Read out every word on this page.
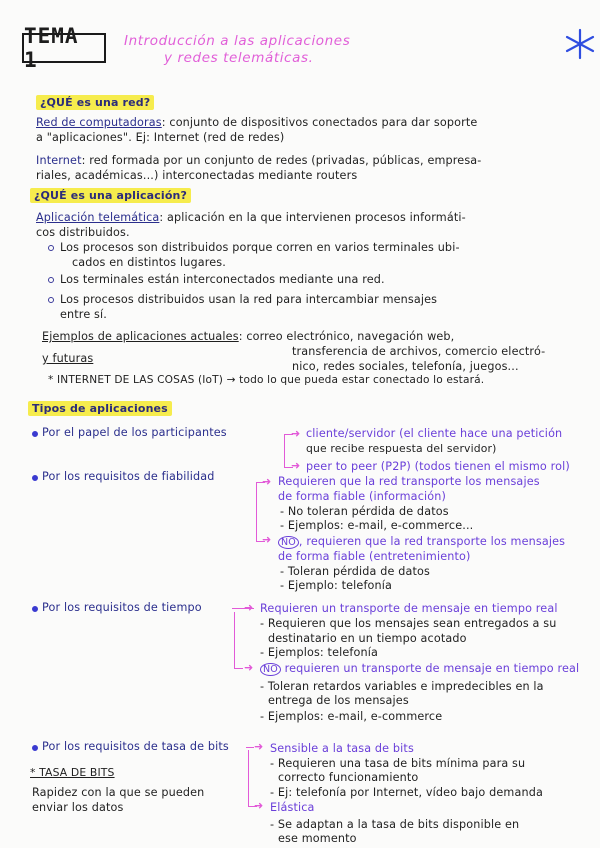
TEMA 1
Introducción a las aplicaciones
y redes telemáticas.
¿QUÉ es una red?
Red de computadoras: conjunto de dispositivos conectados para dar soporte
a "aplicaciones". Ej: Internet (red de redes)
Internet: red formada por un conjunto de redes (privadas, públicas, empresa-
riales, académicas...) interconectadas mediante routers
¿QUÉ es una aplicación?
Aplicación telemática: aplicación en la que intervienen procesos informáti-
cos distribuidos.
Los procesos son distribuidos porque corren en varios terminales ubi-
cados en distintos lugares.
Los terminales están interconectados mediante una red.
Los procesos distribuidos usan la red para intercambiar mensajes
entre sí.
Ejemplos de aplicaciones actuales: correo electrónico, navegación web,
transferencia de archivos, comercio electró-
y futuras
nico, redes sociales, telefonía, juegos...
* INTERNET DE LAS COSAS (IoT) → todo lo que pueda estar conectado lo estará.
Tipos de aplicaciones
Por el papel de los participantes	➜
➜
cliente/servidor (el cliente hace una petición
que recibe respuesta del servidor)
peer to peer (P2P) (todos tienen el mismo rol)
Por los requisitos de fiabilidad	➜
➜
Requieren que la red transporte los mensajes
de forma fiable (información)
- No toleran pérdida de datos
- Ejemplos: e-mail, e-commerce...
NO , requieren que la red transporte los mensajes
de forma fiable (entretenimiento)
- Toleran pérdida de datos
- Ejemplo: telefonía
Por los requisitos de tiempo	➜
➜
Requieren un transporte de mensaje en tiempo real
- Requieren que los mensajes sean entregados a su
destinatario en un tiempo acotado
- Ejemplos: telefonía
NO requieren un transporte de mensaje en tiempo real
- Toleran retardos variables e impredecibles en la
entrega de los mensajes
- Ejemplos: e-mail, e-commerce
Por los requisitos de tasa de bits ➜
➜
* TASA DE BITS
Rapidez con la que se pueden
enviar los datos
Sensible a la tasa de bits
- Requieren una tasa de bits mínima para su
correcto funcionamiento
- Ej: telefonía por Internet, vídeo bajo demanda
Elástica
- Se adaptan a la tasa de bits disponible en
ese momento
